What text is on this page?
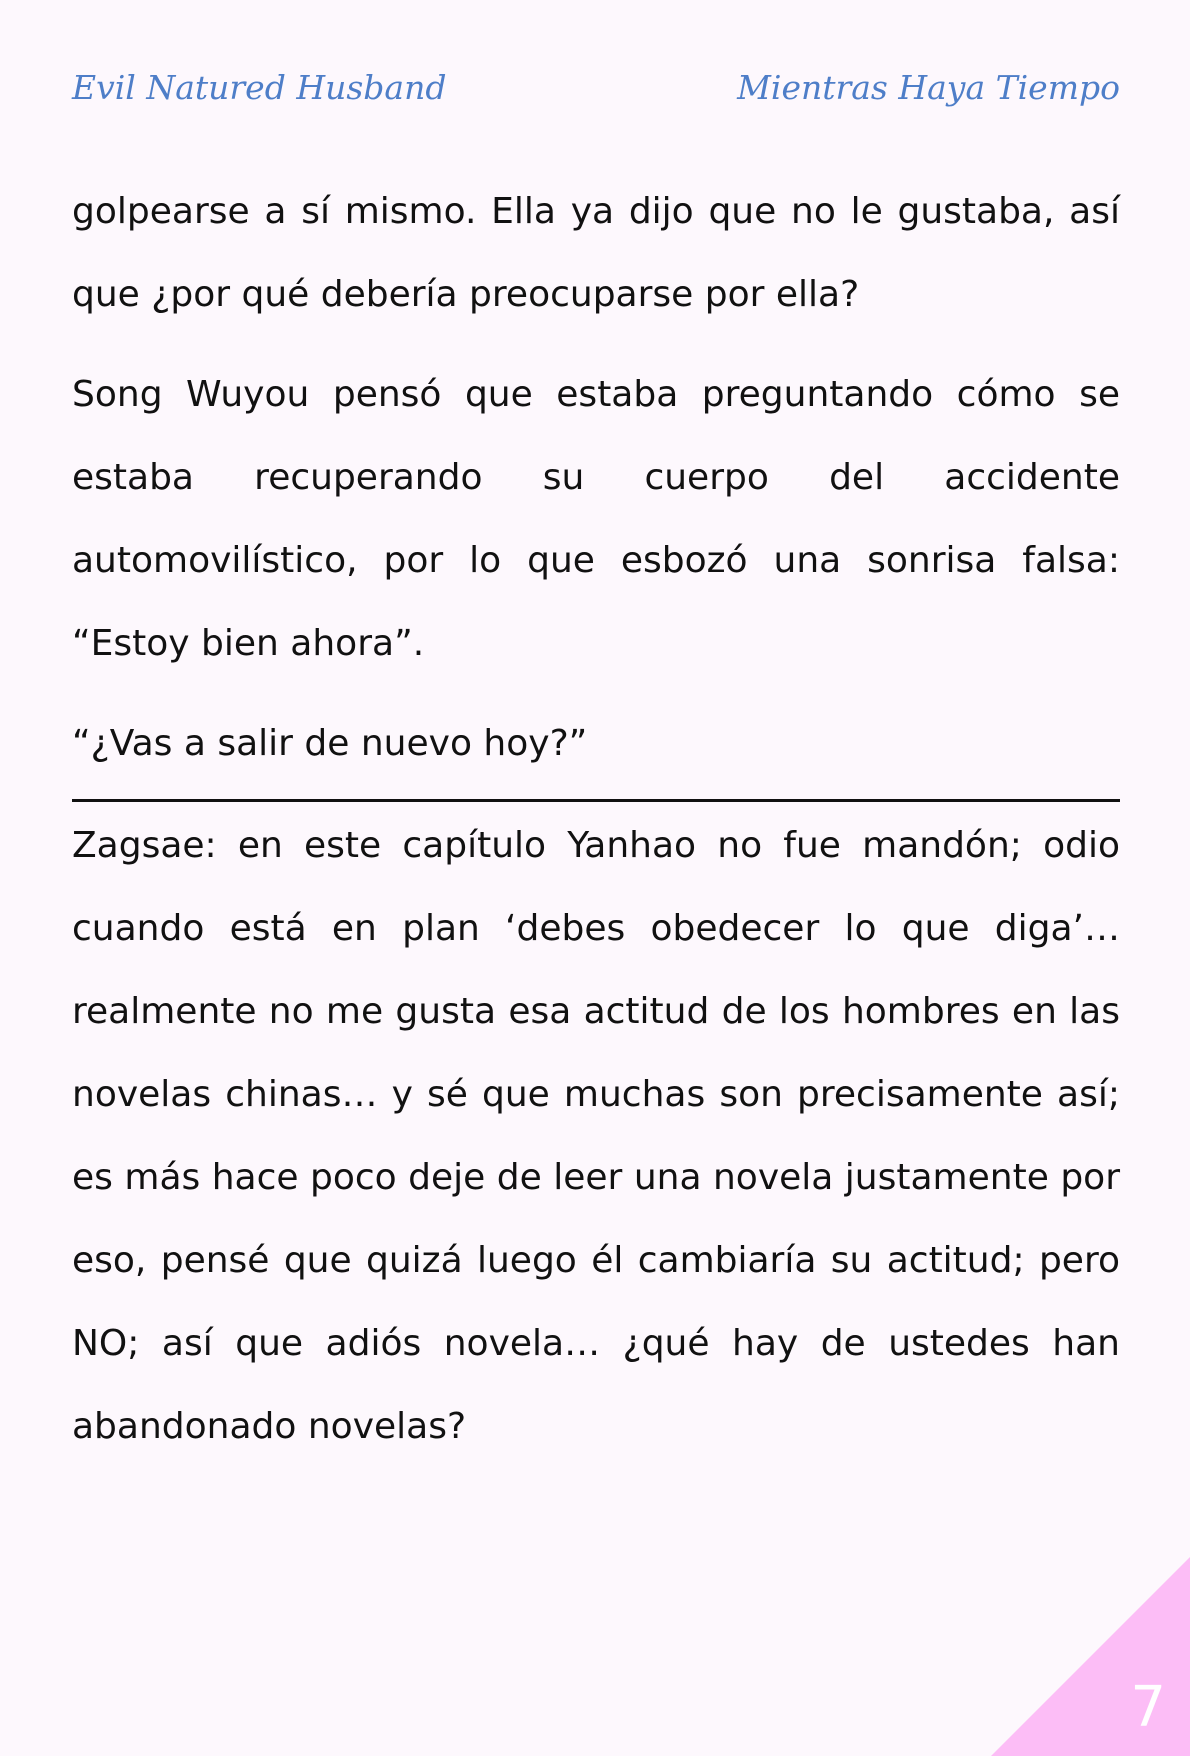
Evil Natured Husband	Mientras Haya Tiempo

golpearse a sí mismo. Ella ya dijo que no le gustaba, así que ¿por qué debería preocuparse por ella?

Song Wuyou pensó que estaba preguntando cómo se estaba recuperando su cuerpo del accidente automovilístico, por lo que esbozó una sonrisa falsa: “Estoy bien ahora”.

“¿Vas a salir de nuevo hoy?”

Zagsae: en este capítulo Yanhao no fue mandón; odio cuando está en plan ‘debes obedecer lo que diga’… realmente no me gusta esa actitud de los hombres en las novelas chinas… y sé que muchas son precisamente así; es más hace poco deje de leer una novela justamente por eso, pensé que quizá luego él cambiaría su actitud; pero NO; así que adiós novela… ¿qué hay de ustedes han abandonado novelas?

7
